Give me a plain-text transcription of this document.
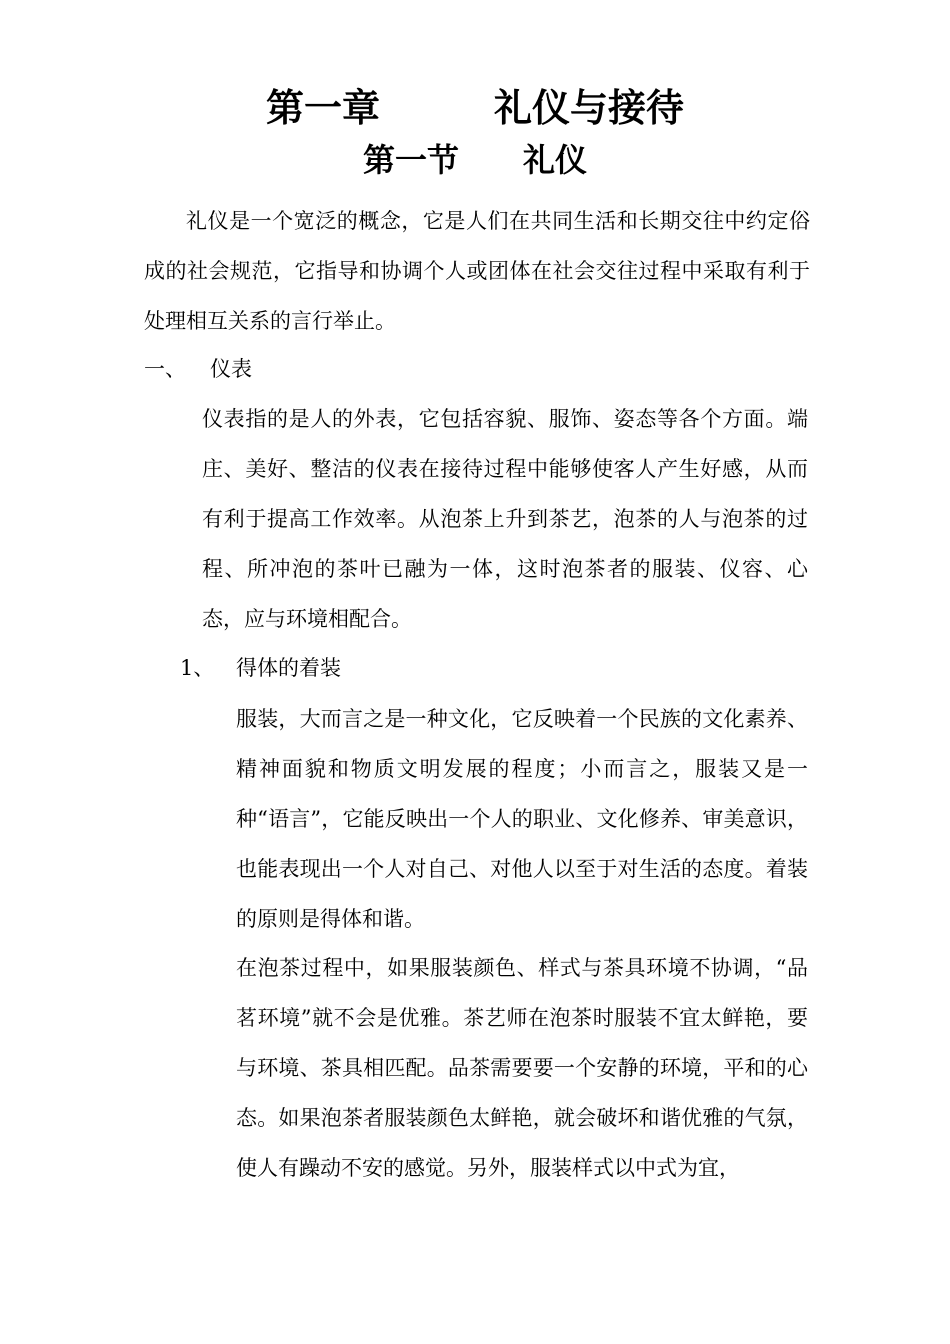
第一章　　　礼仪与接待
第一节　　礼仪

礼仪是一个宽泛的概念，它是人们在共同生活和长期交往中约定俗成的社会规范，它指导和协调个人或团体在社会交往过程中采取有利于处理相互关系的言行举止。

一、	仪表

仪表指的是人的外表，它包括容貌、服饰、姿态等各个方面。端庄、美好、整洁的仪表在接待过程中能够使客人产生好感，从而有利于提高工作效率。从泡茶上升到茶艺，泡茶的人与泡茶的过程、所冲泡的茶叶已融为一体，这时泡茶者的服装、仪容、心态，应与环境相配合。

1、	得体的着装

服装，大而言之是一种文化，它反映着一个民族的文化素养、精神面貌和物质文明发展的程度；小而言之，服装又是一种“语言”，它能反映出一个人的职业、文化修养、审美意识，也能表现出一个人对自己、对他人以至于对生活的态度。着装的原则是得体和谐。

在泡茶过程中，如果服装颜色、样式与茶具环境不协调，“品茗环境”就不会是优雅。茶艺师在泡茶时服装不宜太鲜艳，要与环境、茶具相匹配。品茶需要要一个安静的环境，平和的心态。如果泡茶者服装颜色太鲜艳，就会破坏和谐优雅的气氛，使人有躁动不安的感觉。另外，服装样式以中式为宜，
